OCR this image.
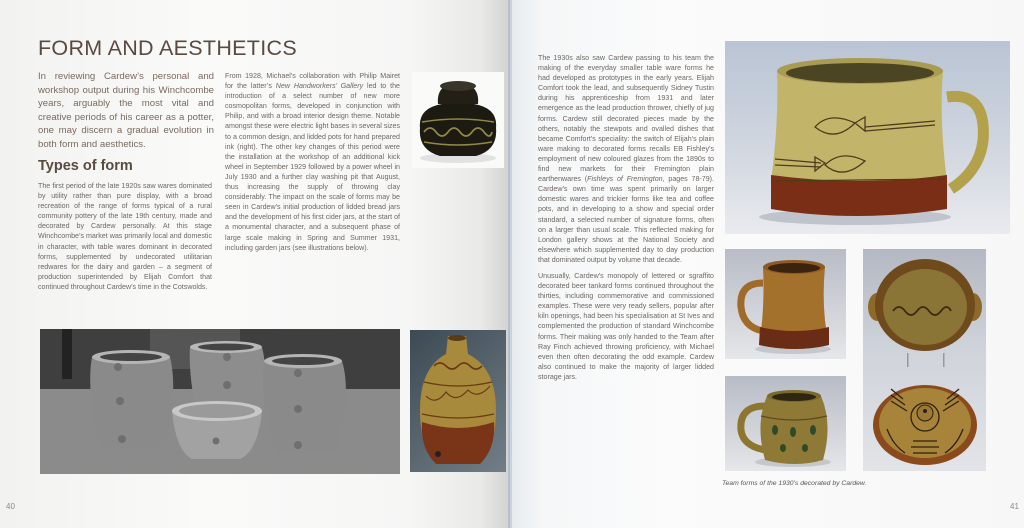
FORM AND AESTHETICS

In reviewing Cardew’s personal and workshop output during his Winchcombe years, arguably the most vital and creative periods of his career as a potter, one may discern a gradual evolution in both form and aesthetics.

Types of form

The first period of the late 1920s saw wares dominated by utility rather than pure display, with a broad recreation of the range of forms typical of a rural community pottery of the late 19th century, made and decorated by Cardew personally. At this stage Winchcombe’s market was primarily local and domestic in character, with table wares dominant in decorated forms, supplemented by undecorated utilitarian redwares for the dairy and garden – a segment of production superintended by Elijah Comfort that continued throughout Cardew’s time in the Cotswolds.

From 1928, Michael’s collaboration with Philip Mairet for the latter’s New Handworkers’ Gallery led to the introduction of a select number of new more cosmopolitan forms, developed in conjunction with Philip, and with a broad interior design theme. Notable amongst these were electric light bases in several sizes to a common design, and lidded pots for hand prepared ink (right). The other key changes of this period were the installation at the workshop of an additional kick wheel in September 1929 followed by a power wheel in July 1930 and a further clay washing pit that August, thus increasing the supply of throwing clay considerably. The impact on the scale of forms may be seen in Cardew’s initial production of lidded bread jars and the development of his first cider jars, at the start of a monumental character, and a subsequent phase of large scale making in Spring and Summer 1931, including garden jars (see illustrations below).

40

The 1930s also saw Cardew passing to his team the making of the everyday smaller table ware forms he had developed as prototypes in the early years. Elijah Comfort took the lead, and subsequently Sidney Tustin during his apprenticeship from 1931 and later emergence as the lead production thrower, chiefly of jug forms. Cardew still decorated pieces made by the others, notably the stewpots and ovalled dishes that became Comfort’s speciality: the switch of Elijah’s plain ware making to decorated forms recalls EB Fishley’s employment of new coloured glazes from the 1890s to find new markets for their Fremington plain earthenwares (Fishleys of Fremington, pages 78-79). Cardew’s own time was spent primarily on larger domestic wares and trickier forms like tea and coffee pots, and in developing to a show and special order standard, a selected number of signature forms, often on a larger than usual scale. This reflected making for London gallery shows at the National Society and elsewhere which supplemented day to day production that dominated output by volume that decade.

Unusually, Cardew’s monopoly of lettered or sgraffito decorated beer tankard forms continued throughout the thirties, including commemorative and commissioned examples. These were very ready sellers, popular after kiln openings, had been his specialisation at St Ives and complemented the production of standard Winchcombe forms. Their making was only handed to the Team after Ray Finch achieved throwing proficiency, with Michael even then often decorating the odd example. Cardew also continued to make the majority of larger lidded storage jars.

Team forms of the 1930’s decorated by Cardew.
41
